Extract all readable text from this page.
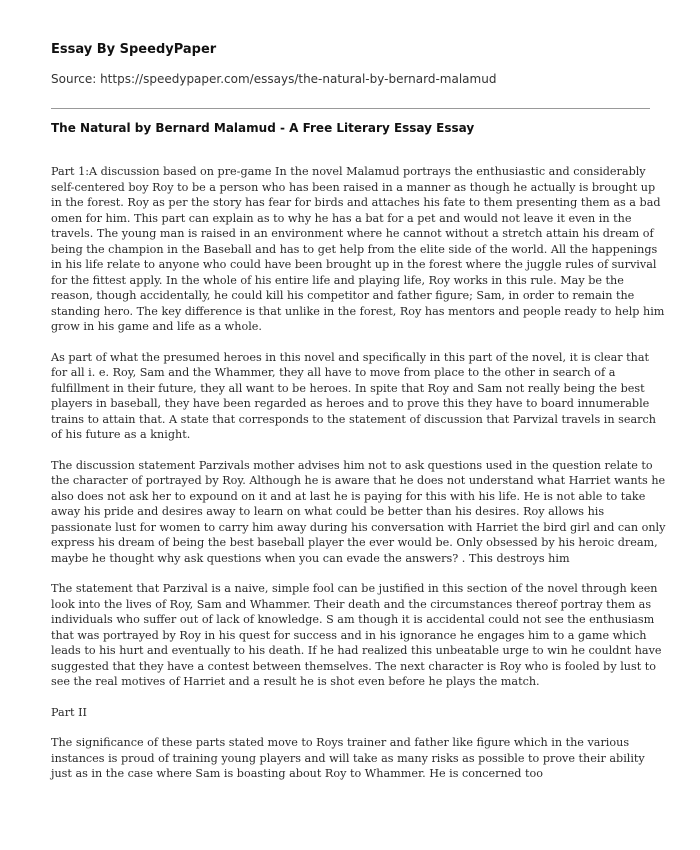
Essay By SpeedyPaper
Source: https://speedypaper.com/essays/the-natural-by-bernard-malamud
The Natural by Bernard Malamud - A Free Literary Essay Essay

Part 1:A discussion based on pre-game In the novel Malamud portrays the enthusiastic and considerably self-centered boy Roy to be a person who has been raised in a manner as though he actually is brought up in the forest. Roy as per the story has fear for birds and attaches his fate to them presenting them as a bad omen for him. This part can explain as to why he has a bat for a pet and would not leave it even in the travels. The young man is raised in an environment where he cannot without a stretch attain his dream of being the champion in the Baseball and has to get help from the elite side of the world. All the happenings in his life relate to anyone who could have been brought up in the forest where the juggle rules of survival for the fittest apply. In the whole of his entire life and playing life, Roy works in this rule. May be the reason, though accidentally, he could kill his competitor and father figure; Sam, in order to remain the standing hero. The key difference is that unlike in the forest, Roy has mentors and people ready to help him grow in his game and life as a whole.

As part of what the presumed heroes in this novel and specifically in this part of the novel, it is clear that for all i. e. Roy, Sam and the Whammer, they all have to move from place to the other in search of a fulfillment in their future, they all want to be heroes. In spite that Roy and Sam not really being the best players in baseball, they have been regarded as heroes and to prove this they have to board innumerable trains to attain that. A state that corresponds to the statement of discussion that Parvizal travels in search of his future as a knight.

The discussion statement Parzivals mother advises him not to ask questions used in the question relate to the character of portrayed by Roy. Although he is aware that he does not understand what Harriet wants he also does not ask her to expound on it and at last he is paying for this with his life. He is not able to take away his pride and desires away to learn on what could be better than his desires. Roy allows his passionate lust for women to carry him away during his conversation with Harriet the bird girl and can only express his dream of being the best baseball player the ever would be. Only obsessed by his heroic dream, maybe he thought why ask questions when you can evade the answers? . This destroys him

The statement that Parzival is a naive, simple fool can be justified in this section of the novel through keen look into the lives of Roy, Sam and Whammer. Their death and the circumstances thereof portray them as individuals who suffer out of lack of knowledge. S am though it is accidental could not see the enthusiasm that was portrayed by Roy in his quest for success and in his ignorance he engages him to a game which leads to his hurt and eventually to his death. If he had realized this unbeatable urge to win he couldnt have suggested that they have a contest between themselves. The next character is Roy who is fooled by lust to see the real motives of Harriet and a result he is shot even before he plays the match.

Part II

The significance of these parts stated move to Roys trainer and father like figure which in the various instances is proud of training young players and will take as many risks as possible to prove their ability just as in the case where Sam is boasting about Roy to Whammer. He is concerned too
